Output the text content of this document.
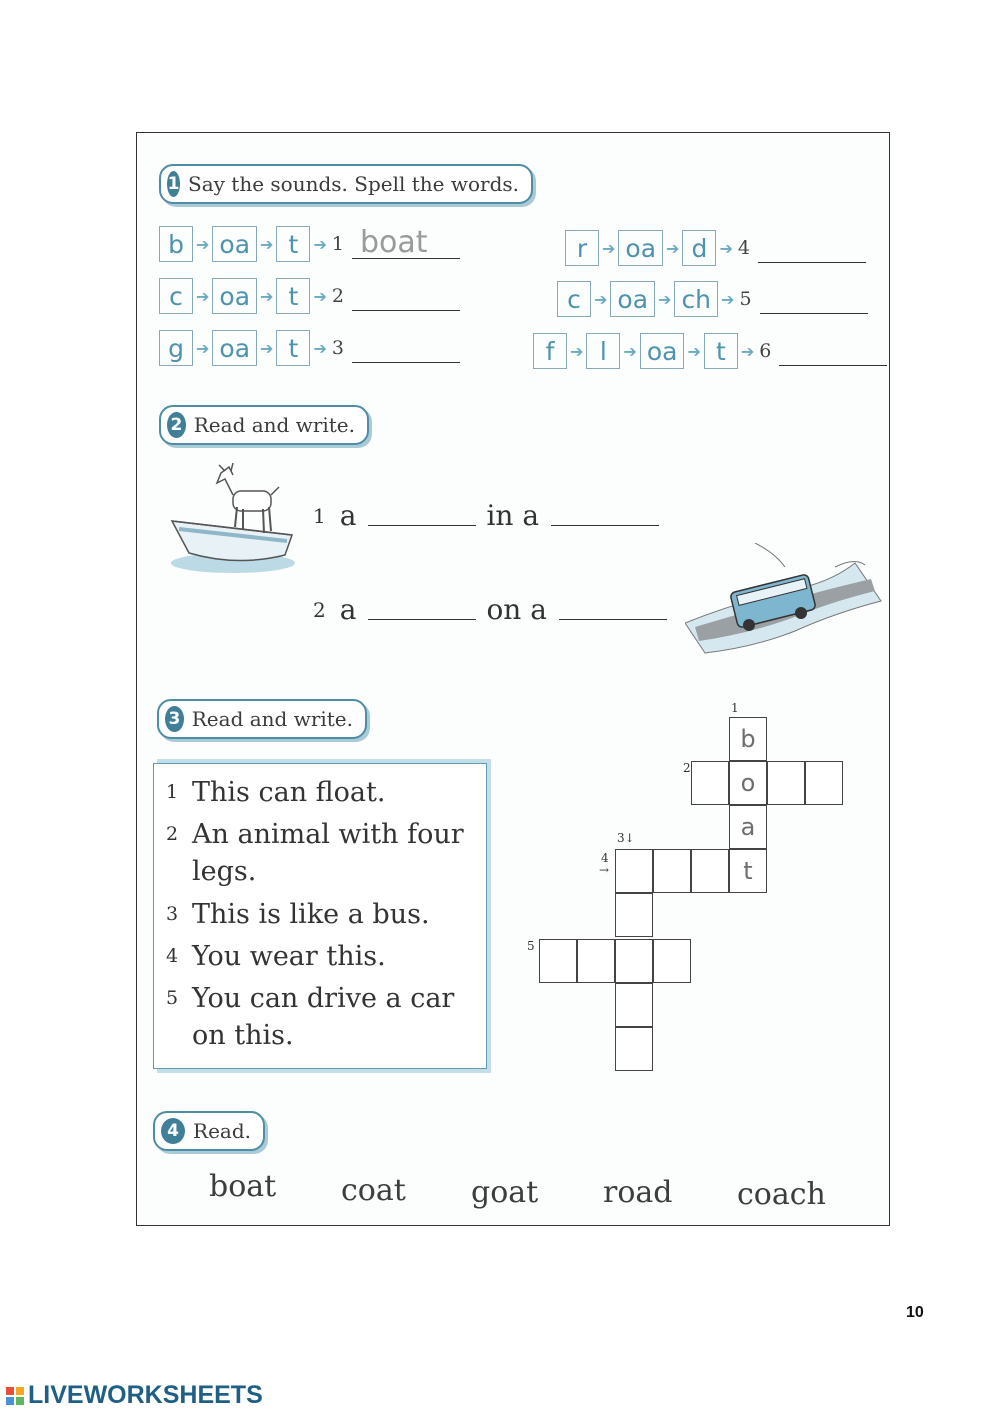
1 Say the sounds. Spell the words.
b ➔ oa ➔ t ➔ 1 boat
c ➔ oa ➔ t ➔ 2
g ➔ oa ➔ t ➔ 3
r ➔ oa ➔ d ➔ 4
c ➔ oa ➔ ch ➔ 5
f ➔ l	➔ oa ➔ t ➔ 6
2 Read and write.
1 a	in a
2 a	on a
3 Read and write.
1 This can float.
2 An animal with four legs.
3 This is like a bus.
4 You wear this.
5 You can drive a car on this.
1
2
3↓
4
→
5
b
o
a
t
4 Read.
boat coat goat road coach
10
LIVEWORKSHEETS
